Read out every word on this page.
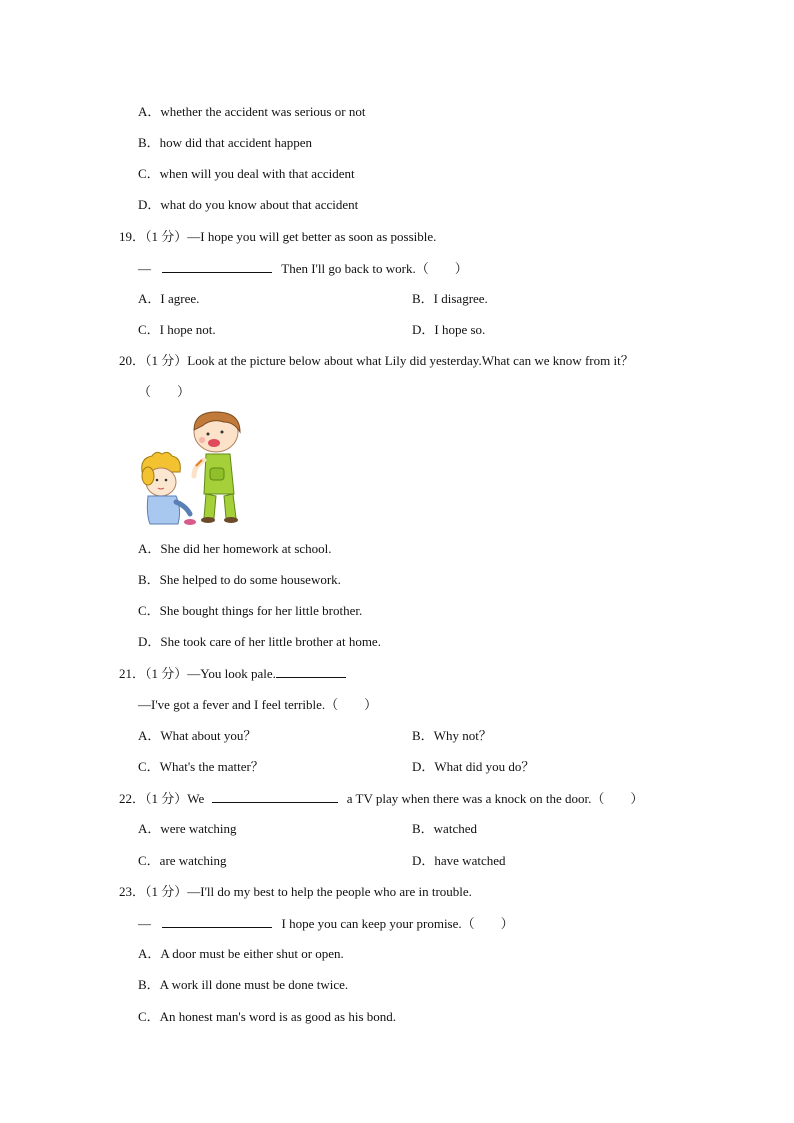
A．whether the accident was serious or not
B．how did that accident happen
C．when will you deal with that accident
D．what do you know about that accident
19．（1 分）—I hope you will get better as soon as possible.
—	Then I'll go back to work.（　　）
A．I agree.	B．I disagree.
C．I hope not.	D．I hope so.
20．（1 分）Look at the picture below about what Lily did yesterday.What can we know from it？
（　　）
A．She did her homework at school.
B．She helped to do some housework.
C．She bought things for her little brother.
D．She took care of her little brother at home.
21．（1 分）—You look pale.
—I've got a fever and I feel terrible.（　　）
A．What about you？	B．Why not？
C．What's the matter？	D．What did you do？
22．（1 分）We	a TV play when there was a knock on the door.（　　）
A．were watching	B．watched
C．are watching	D．have watched
23．（1 分）—I'll do my best to help the people who are in trouble.
—	I hope you can keep your promise.（　　）
A．A door must be either shut or open.
B．A work ill done must be done twice.
C．An honest man's word is as good as his bond.
